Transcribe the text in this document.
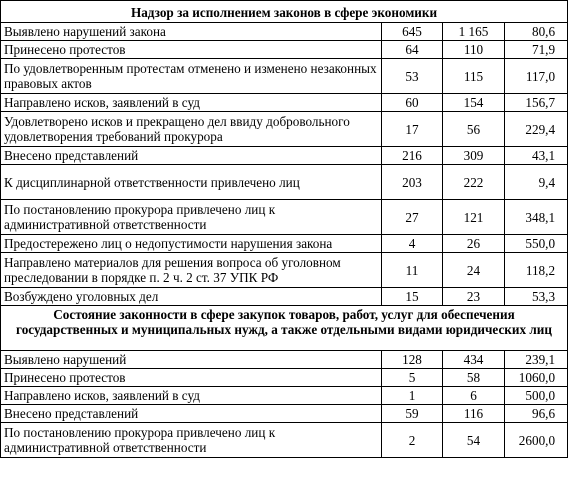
Надзор за исполнением законов в сфере экономики			
Выявлено нарушений закона	645	1 165	80,6
Принесено протестов	64	110	71,9
По удовлетворенным протестам отменено и изменено незаконных правовых актов	53	115	117,0
Направлено исков, заявлений в суд	60	154	156,7
Удовлетворено исков и прекращено дел ввиду добровольного удовлетворения требований прокурора	17	56	229,4
Внесено представлений	216	309	43,1
К дисциплинарной ответственности привлечено лиц	203	222	9,4
По постановлению прокурора привлечено лиц к административной ответственности	27	121	348,1
Предостережено лиц о недопустимости нарушения закона	4	26	550,0
Направлено материалов для решения вопроса об уголовном преследовании в порядке п. 2 ч. 2 ст. 37 УПК РФ	11	24	118,2
Возбуждено уголовных дел	15	23	53,3

Состояние законности в сфере закупок товаров, работ, услуг для обеспечения государственных и муниципальных нужд, а также отдельными видами юридических лиц			

Выявлено нарушений	128	434	239,1
Принесено протестов	5	58	1060,0
Направлено исков, заявлений в суд	1	6	500,0
Внесено представлений	59	116	96,6
По постановлению прокурора привлечено лиц к административной ответственности	2	54	2600,0
